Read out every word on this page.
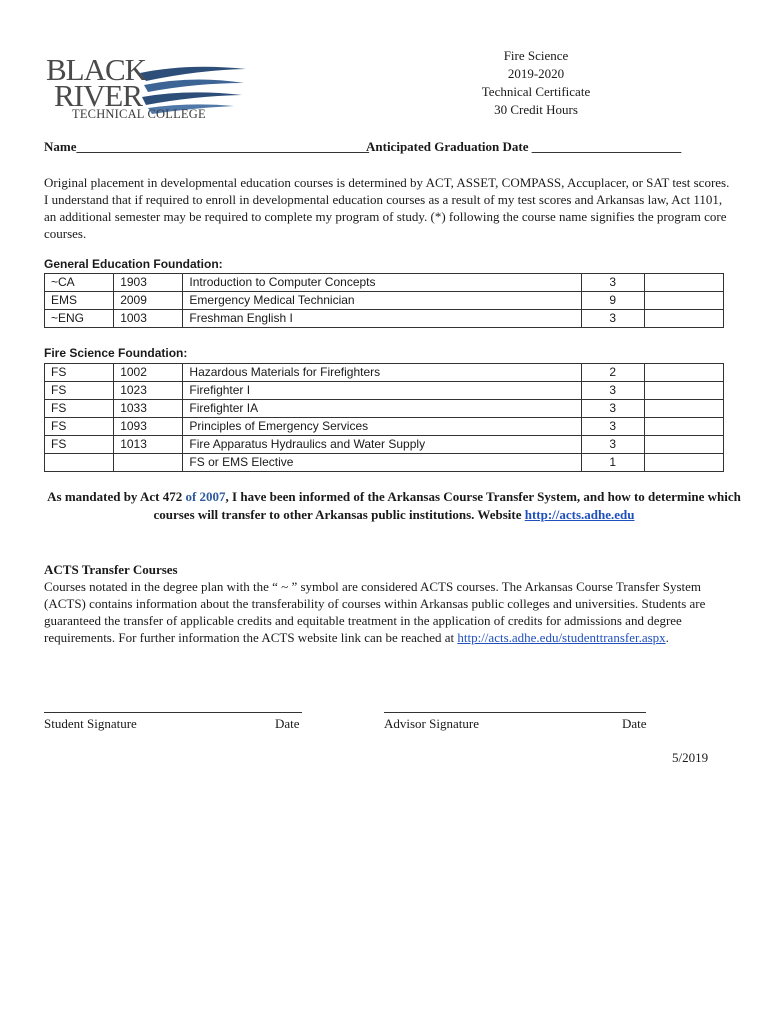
BLACK
RIVER
TECHNICAL COLLEGE
Fire Science
2019-2020
Technical Certificate
30 Credit Hours
Name_____________________________________________
Anticipated Graduation Date _______________________
Original placement in developmental education courses is determined by ACT, ASSET, COMPASS, Accuplacer, or SAT test scores. I understand that if required to enroll in developmental education courses as a result of my test scores and Arkansas law, Act 1101, an additional semester may be required to complete my program of study. (*) following the course name signifies the program core courses.
General Education Foundation:
~CA	1903	Introduction to Computer Concepts	3	
EMS	2009	Emergency Medical Technician	9	
~ENG	1003	Freshman English I	3	
Fire Science Foundation:
FS	1002	Hazardous Materials for Firefighters	2	
FS	1023	Firefighter I	3	
FS	1033	Firefighter IA	3	
FS	1093	Principles of Emergency Services	3	
FS	1013	Fire Apparatus Hydraulics and Water Supply	3	
		FS or EMS Elective	1	
As mandated by Act 472 of 2007, I have been informed of the Arkansas Course Transfer System, and how to determine which courses will transfer to other Arkansas public institutions. Website http://acts.adhe.edu
ACTS Transfer Courses
Courses notated in the degree plan with the “ ~ ” symbol are considered ACTS courses. The Arkansas Course Transfer System (ACTS) contains information about the transferability of courses within Arkansas public colleges and universities. Students are guaranteed the transfer of applicable credits and equitable treatment in the application of credits for admissions and degree requirements. For further information the ACTS website link can be reached at http://acts.adhe.edu/studenttransfer.aspx.
Student Signature	Date	Advisor Signature	Date
5/2019
